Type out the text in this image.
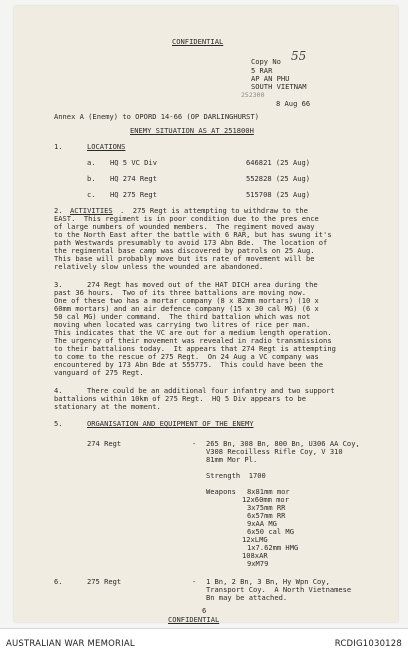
CONFIDENTIAL
Copy No 55
5 RAR
AP AN PHU
SOUTH VIETNAM
252300
8 Aug 66
Annex A (Enemy) to OPORD 14-66 (OP DARLINGHURST)
ENEMY SITUATION AS AT 251800H
1.	LOCATIONS
a. HQ 5 VC Div	646821 (25 Aug)
b. HQ 274 Regt	552828 (25 Aug)
c. HQ 275 Regt	515708 (25 Aug)
2. ACTIVITIES .  275 Regt is attempting to withdraw to the
EAST.  This regiment is in poor condition due to the pres ence
of large numbers of wounded members.  The regiment moved away
to the North East after the battle with 6 RAR, but has swung it's
path Westwards presumably to avoid 173 Abn Bde.  The location of
the regimental base camp was discovered by patrols on 25 Aug.
This base will probably move but its rate of movement will be
relatively slow unless the wounded are abandoned.
3.	274 Regt has moved out of the HAT DICH area during the
past 36 hours.  Two of its three battalions are moving now.
One of these two has a mortar company (8 x 82mm mortars) (10 x
60mm mortars) and an air defence company (15 x 30 cal MG) (6 x
50 cal MG) under command.  The third battalion which was not
moving when located was carrying two litres of rice per man.
This indicates that the VC are out for a medium length operation.
The urgency of their movement was revealed in radio transmissions
to their battalions today.  It appears that 274 Regt is attempting
to come to the rescue of 275 Regt.  On 24 Aug a VC company was
encountered by 173 Abn Bde at 555775.  This could have been the
vanguard of 275 Regt.
4.	There could be an additional four infantry and two support
battalions within 10km of 275 Regt.  HQ 5 Div appears to be
stationary at the moment.
5.	ORGANISATION AND EQUIPMENT OF THE ENEMY
274 Regt	- 265 Bn, 308 Bn, 800 Bn, U306 AA Coy,
V308 Recoilless Rifle Coy, V 310
81mm Mor Pl.
Strength  1700
Weapons 8x81mm mor
12x60mm mor
3x75mm RR
6x57mm RR
9xAA MG
6x50 cal MG
12xLMG
1x7.62mm HMG
108xAR
9xM79
6.	275 Regt	- 1 Bn, 2 Bn, 3 Bn, Hy Wpn Coy,
Transport Coy.  A North Vietnamese
Bn may be attached.
6
CONFIDENTIAL
AUSTRALIAN WAR MEMORIAL	RCDIG1030128
